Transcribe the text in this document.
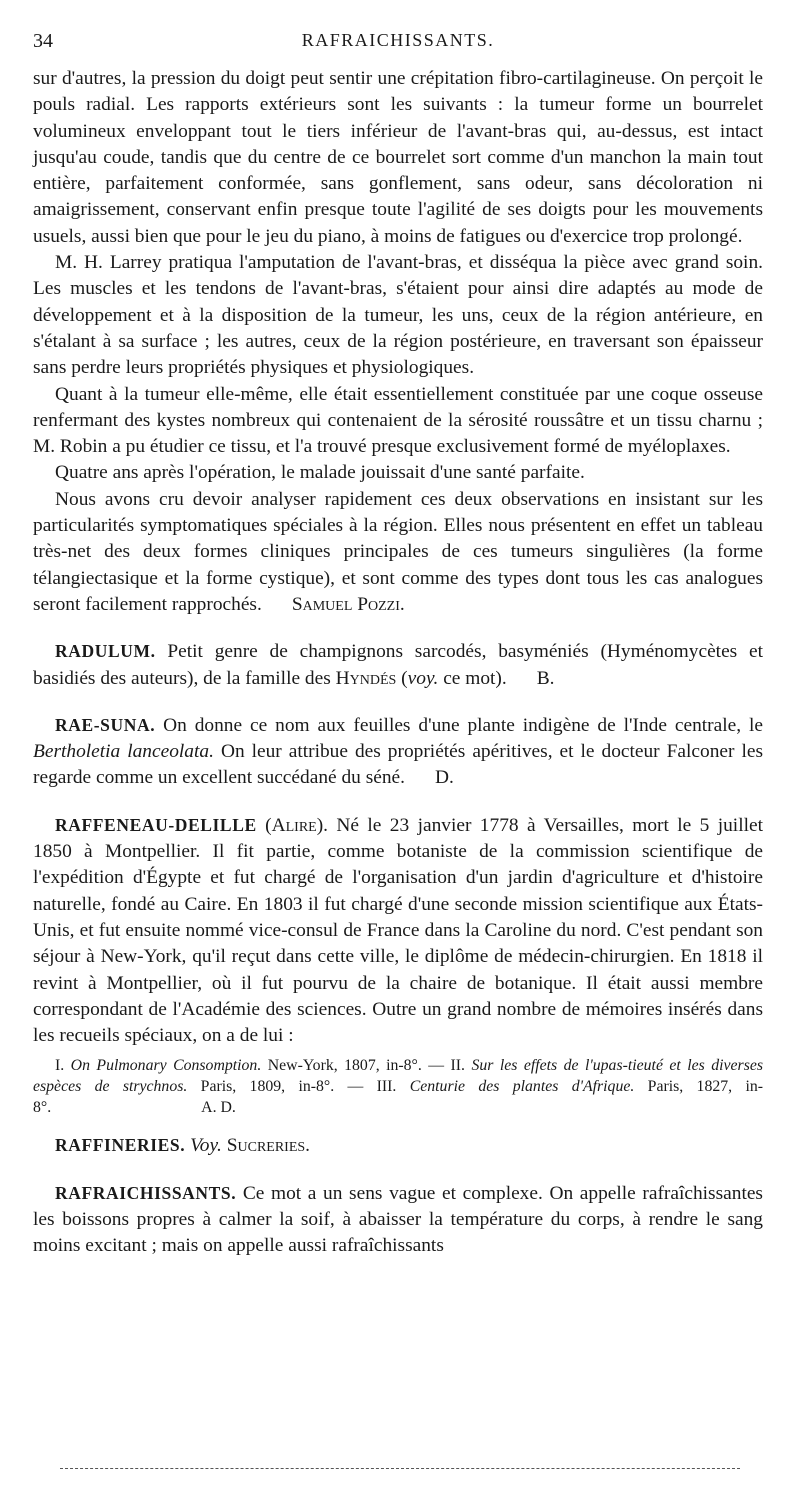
34	RAFRAICHISSANTS.

sur d'autres, la pression du doigt peut sentir une crépitation fibro-cartilagineuse. On perçoit le pouls radial. Les rapports extérieurs sont les suivants : la tumeur forme un bourrelet volumineux enveloppant tout le tiers inférieur de l'avant-bras qui, au-dessus, est intact jusqu'au coude, tandis que du centre de ce bourrelet sort comme d'un manchon la main tout entière, parfaitement conformée, sans gonflement, sans odeur, sans décoloration ni amaigrissement, conservant enfin presque toute l'agilité de ses doigts pour les mouvements usuels, aussi bien que pour le jeu du piano, à moins de fatigues ou d'exercice trop prolongé.

M. H. Larrey pratiqua l'amputation de l'avant-bras, et disséqua la pièce avec grand soin. Les muscles et les tendons de l'avant-bras, s'étaient pour ainsi dire adaptés au mode de développement et à la disposition de la tumeur, les uns, ceux de la région antérieure, en s'étalant à sa surface ; les autres, ceux de la région postérieure, en traversant son épaisseur sans perdre leurs propriétés physiques et physiologiques.

Quant à la tumeur elle-même, elle était essentiellement constituée par une coque osseuse renfermant des kystes nombreux qui contenaient de la sérosité roussâtre et un tissu charnu ; M. Robin a pu étudier ce tissu, et l'a trouvé presque exclusivement formé de myéloplaxes.

Quatre ans après l'opération, le malade jouissait d'une santé parfaite.

Nous avons cru devoir analyser rapidement ces deux observations en insistant sur les particularités symptomatiques spéciales à la région. Elles nous présentent en effet un tableau très-net des deux formes cliniques principales de ces tumeurs singulières (la forme télangiectasique et la forme cystique), et sont comme des types dont tous les cas analogues seront facilement rapprochés. Samuel Pozzi.

RADULUM. Petit genre de champignons sarcodés, basyméniés (Hyménomycètes et basidiés des auteurs), de la famille des Hyndés (voy. ce mot). B.

RAE-SUNA. On donne ce nom aux feuilles d'une plante indigène de l'Inde centrale, le Bertholetia lanceolata. On leur attribue des propriétés apéritives, et le docteur Falconer les regarde comme un excellent succédané du séné. D.

RAFFENEAU-DELILLE (Alire). Né le 23 janvier 1778 à Versailles, mort le 5 juillet 1850 à Montpellier. Il fit partie, comme botaniste de la commission scientifique de l'expédition d'Égypte et fut chargé de l'organisation d'un jardin d'agriculture et d'histoire naturelle, fondé au Caire. En 1803 il fut chargé d'une seconde mission scientifique aux États-Unis, et fut ensuite nommé vice-consul de France dans la Caroline du nord. C'est pendant son séjour à New-York, qu'il reçut dans cette ville, le diplôme de médecin-chirurgien. En 1818 il revint à Montpellier, où il fut pourvu de la chaire de botanique. Il était aussi membre correspondant de l'Académie des sciences. Outre un grand nombre de mémoires insérés dans les recueils spéciaux, on a de lui :

I. On Pulmonary Consomption. New-York, 1807, in-8°. — II. Sur les effets de l'upas-tieuté et les diverses espèces de strychnos. Paris, 1809, in-8°. — III. Centurie des plantes d'Afrique. Paris, 1827, in-8°.	A. D.

RAFFINERIES. Voy. Sucreries.

RAFRAICHISSANTS. Ce mot a un sens vague et complexe. On appelle rafraîchissantes les boissons propres à calmer la soif, à abaisser la température du corps, à rendre le sang moins excitant ; mais on appelle aussi rafraîchissants
